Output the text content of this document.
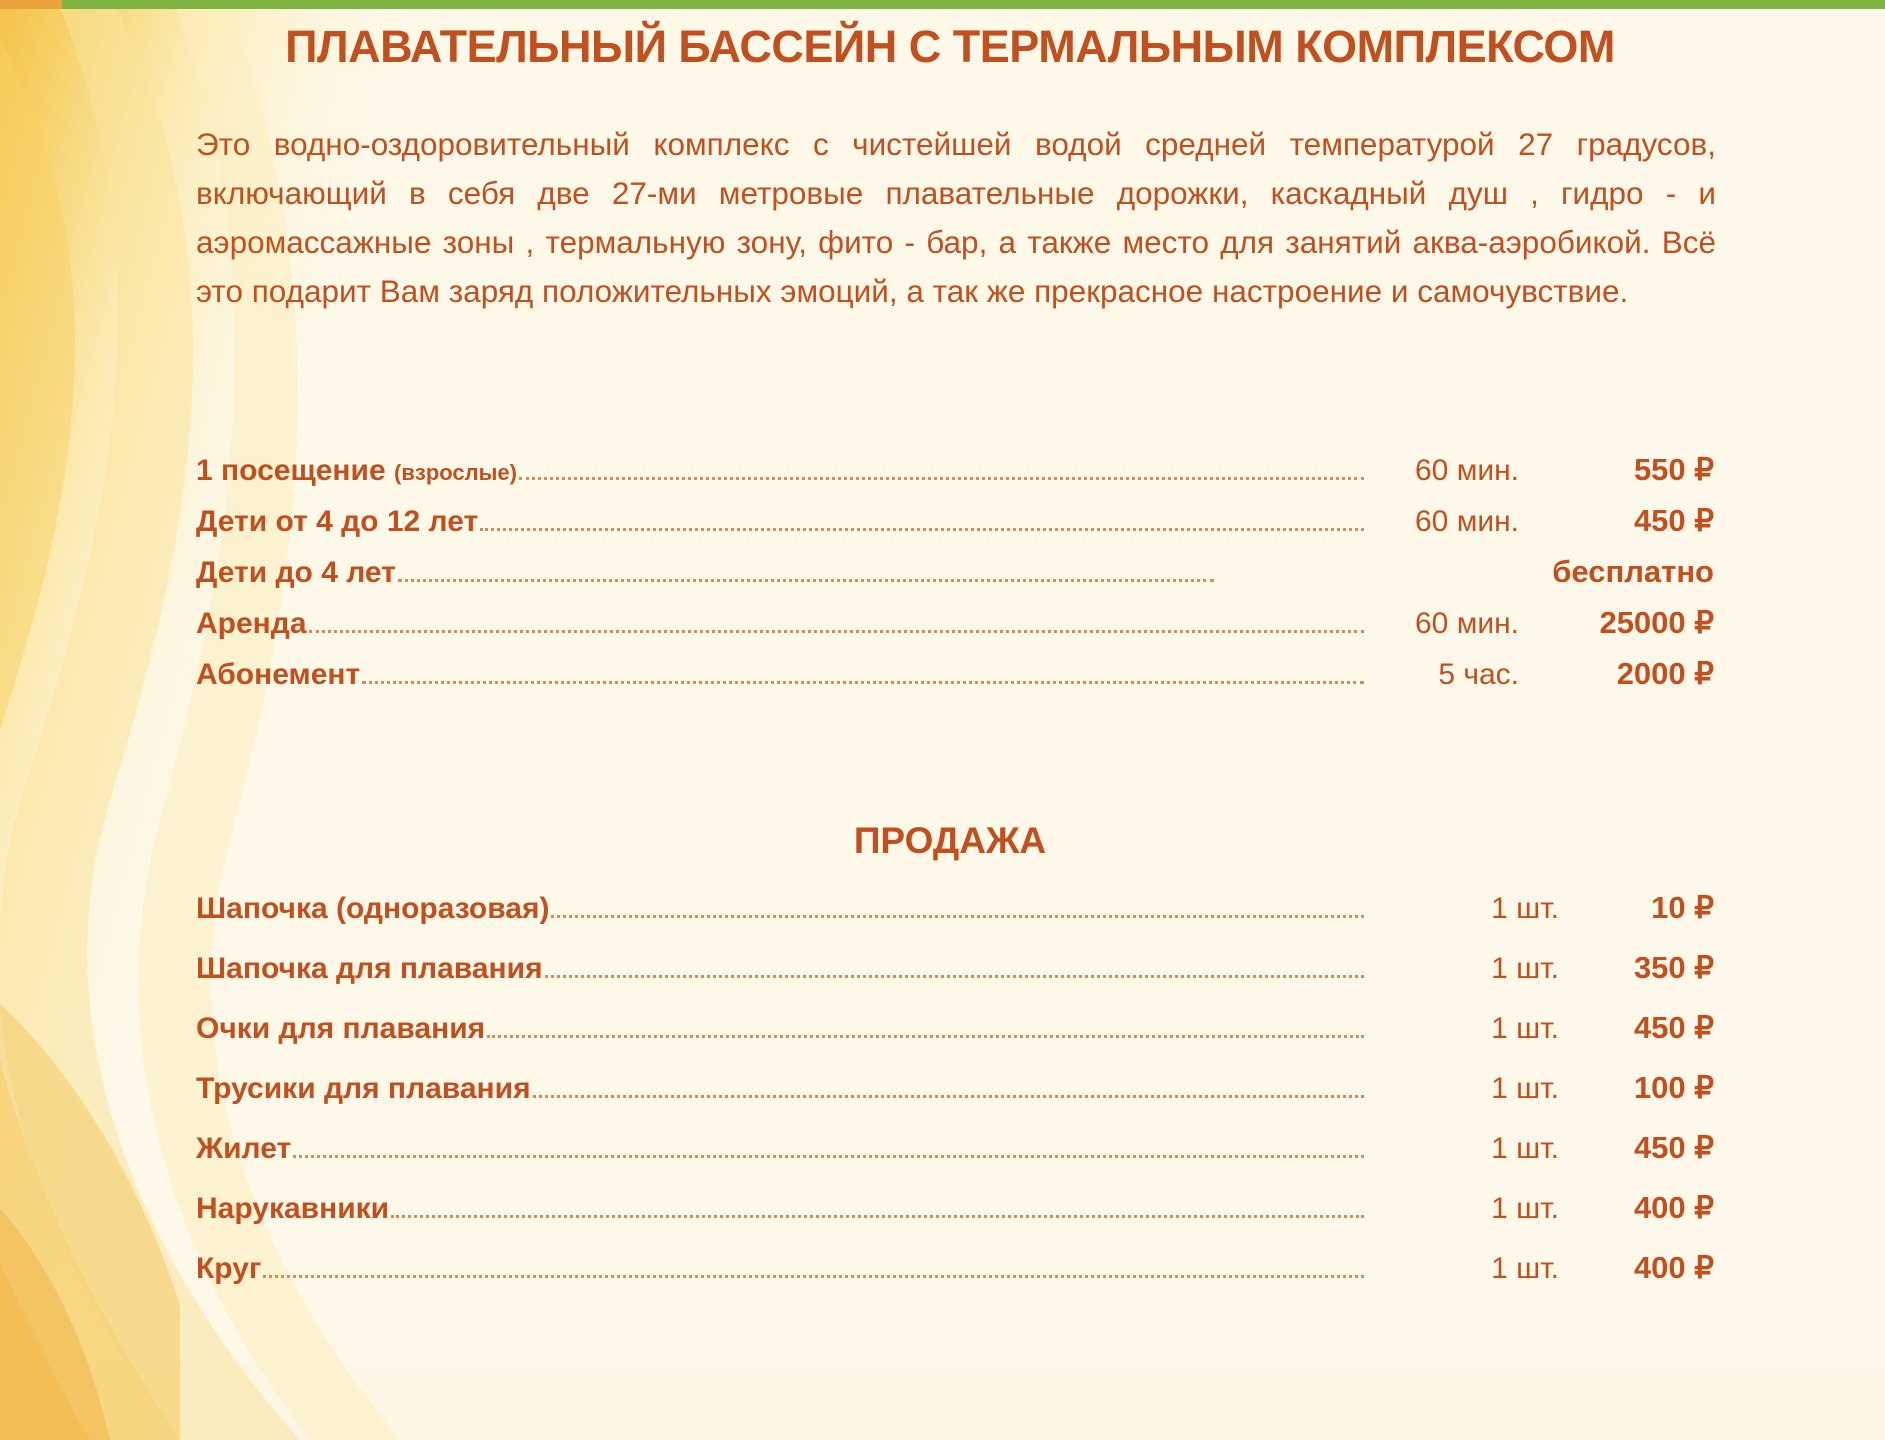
ПЛАВАТЕЛЬНЫЙ БАССЕЙН С ТЕРМАЛЬНЫМ КОМПЛЕКСОМ
Это водно-оздоровительный комплекс с чистейшей водой средней температурой 27 градусов, включающий в себя две 27-ми метровые плавательные дорожки, каскадный душ , гидро - и аэромассажные зоны , термальную зону, фито - бар, а также место для занятий аква-аэробикой. Всё это подарит Вам заряд положительных эмоций, а так же прекрасное настроение и самочувствие.
1 посещение (взрослые)	60 мин.	550 ₽
Дети от 4 до 12 лет	60 мин.	450 ₽
Дети до 4 лет	бесплатно
Аренда	60 мин.	25000 ₽
Абонемент	5 час.	2000 ₽
ПРОДАЖА
Шапочка (одноразовая)	1 шт.	10 ₽
Шапочка для плавания	1 шт.	350 ₽
Очки для плавания	1 шт.	450 ₽
Трусики для плавания	1 шт.	100 ₽
Жилет	1 шт.	450 ₽
Нарукавники	1 шт.	400 ₽
Круг	1 шт.	400 ₽
